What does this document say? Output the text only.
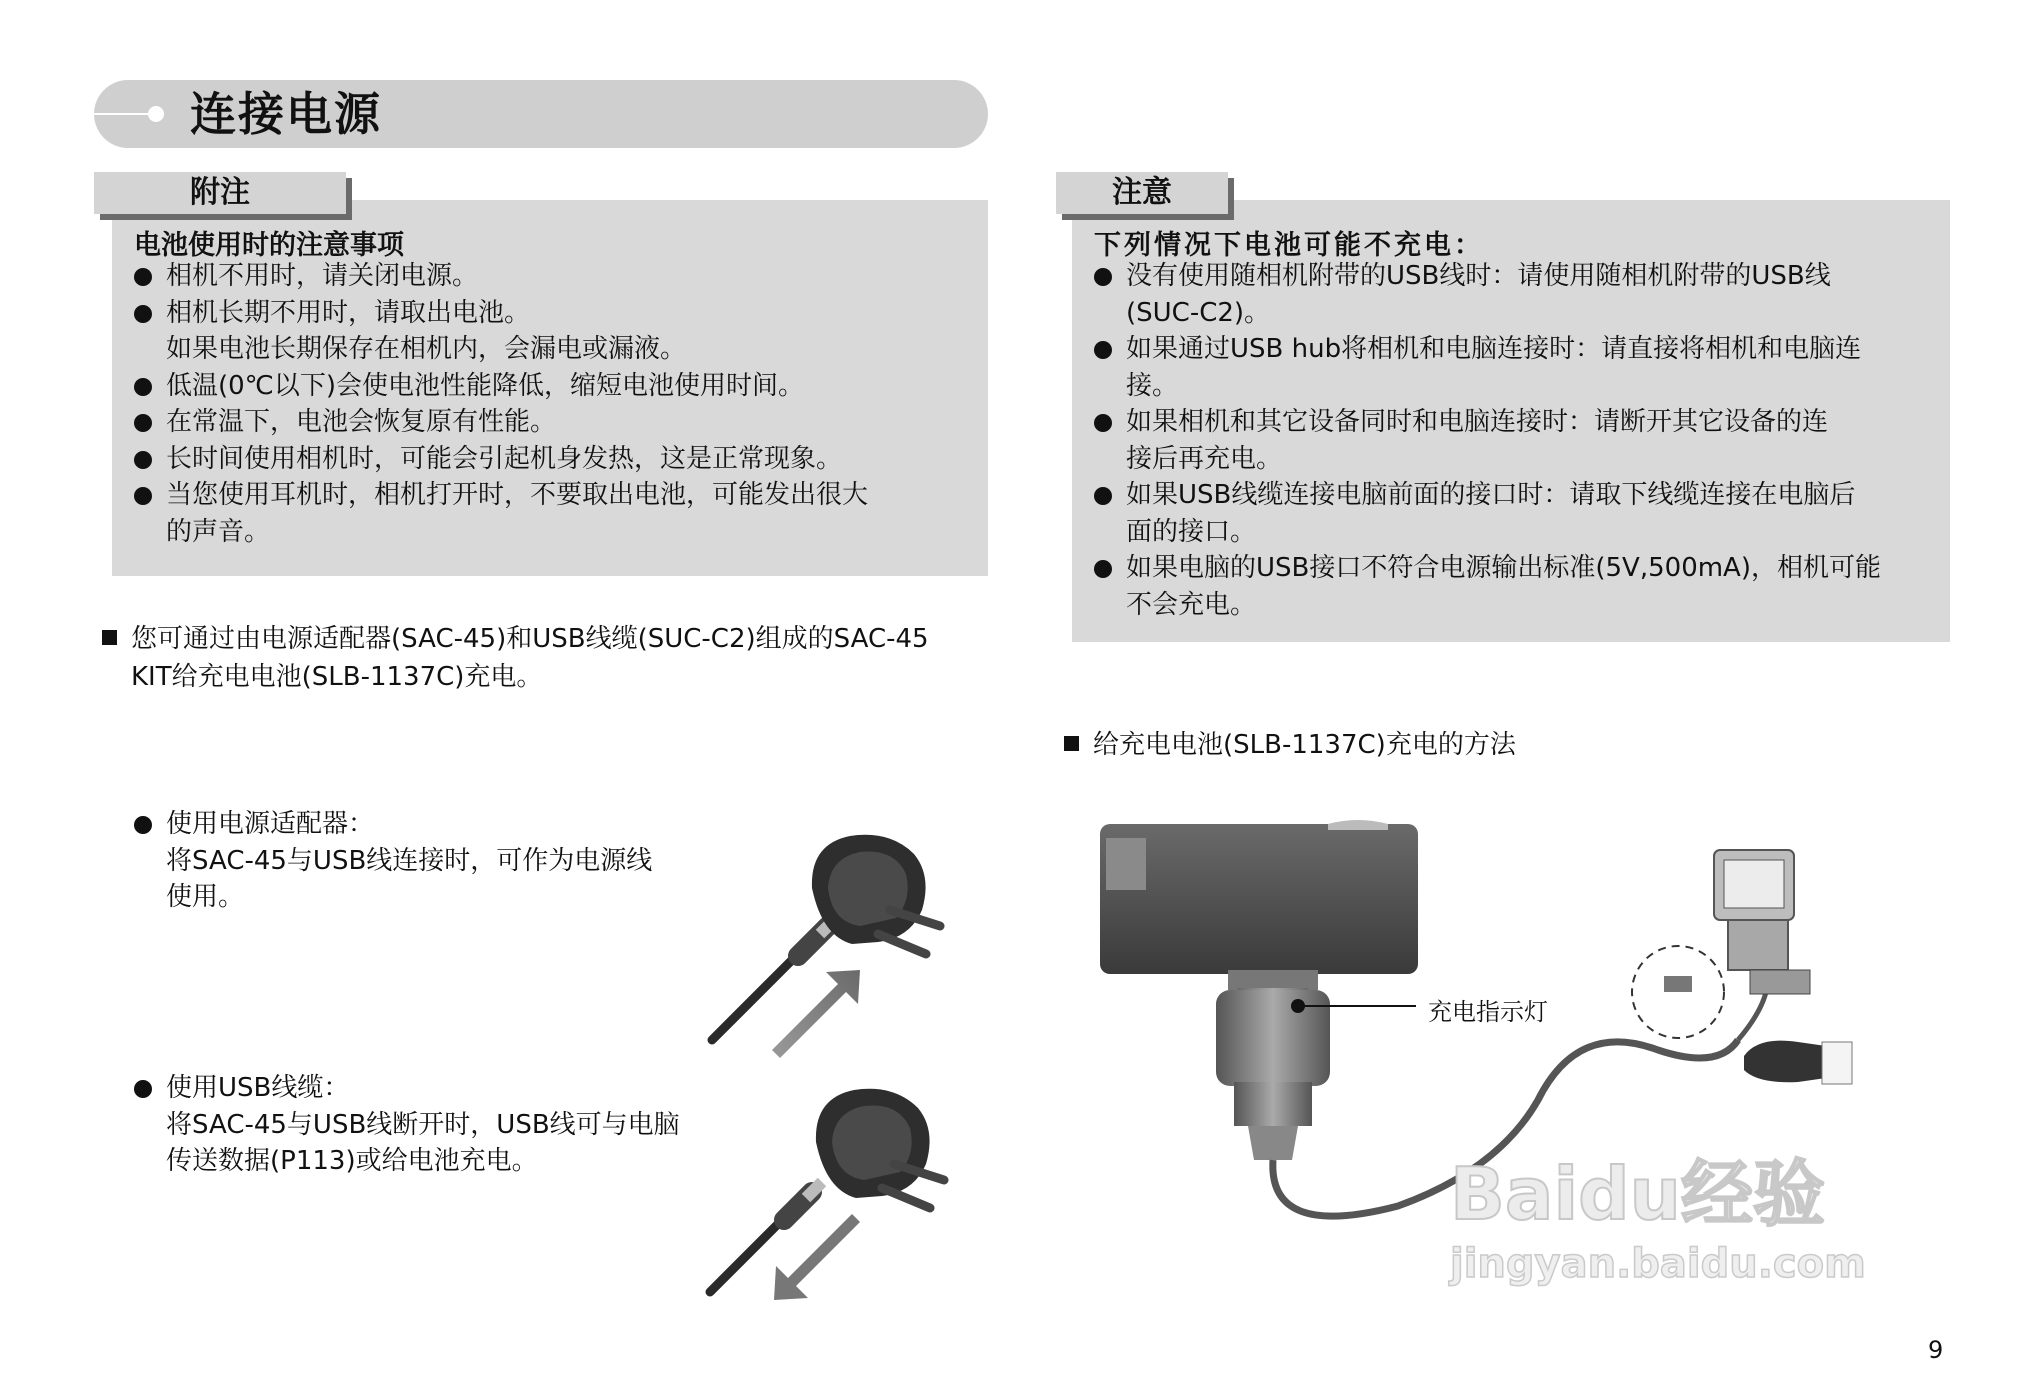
连接电源
附注
电池使用时的注意事项
相机不用时，请关闭电源。
相机长期不用时，请取出电池。
如果电池长期保存在相机内，会漏电或漏液。
低温(0℃以下)会使电池性能降低，缩短电池使用时间。
在常温下，电池会恢复原有性能。
长时间使用相机时，可能会引起机身发热，这是正常现象。
当您使用耳机时，相机打开时，不要取出电池，可能发出很大
的声音。
注意
下列情况下电池可能不充电：
没有使用随相机附带的USB线时：请使用随相机附带的USB线
(SUC-C2)。
如果通过USB hub将相机和电脑连接时：请直接将相机和电脑连
接。
如果相机和其它设备同时和电脑连接时：请断开其它设备的连
接后再充电。
如果USB线缆连接电脑前面的接口时：请取下线缆连接在电脑后
面的接口。
如果电脑的USB接口不符合电源输出标准(5V,500mA)，相机可能
不会充电。
您可通过由电源适配器(SAC-45)和USB线缆(SUC-C2)组成的SAC-45
KIT给充电电池(SLB-1137C)充电。
给充电电池(SLB-1137C)充电的方法
使用电源适配器：
将SAC-45与USB线连接时，可作为电源线
使用。
使用USB线缆：
将SAC-45与USB线断开时，USB线可与电脑
传送数据(P113)或给电池充电。
充电指示灯
Baidu经验
jingyan.baidu.com
9
